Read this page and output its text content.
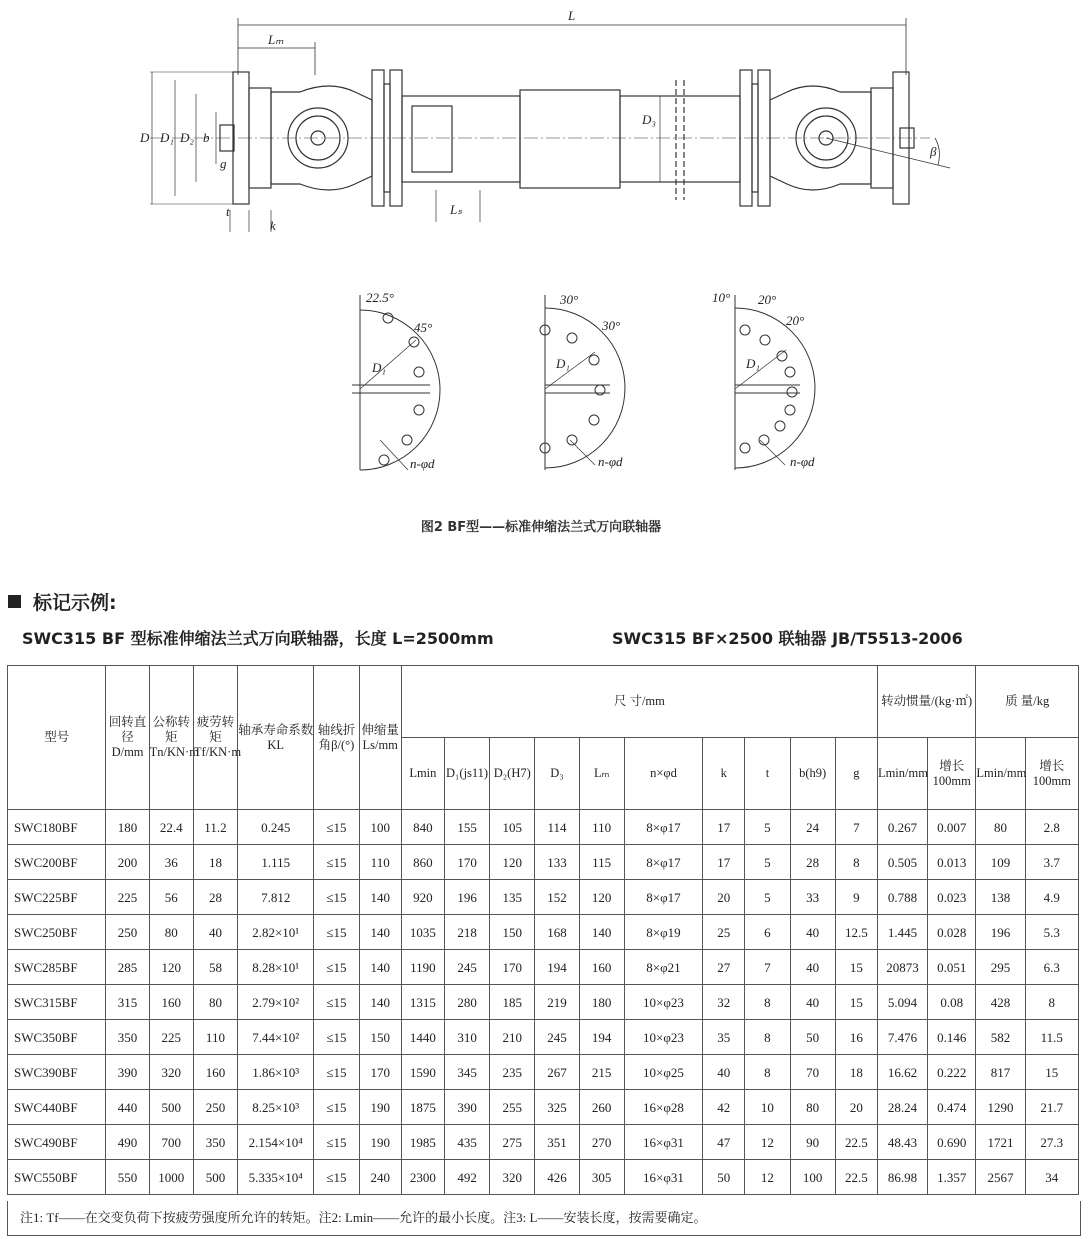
L
Lₘ
D D₁ D₂ b
g
t
k
Lₛ
D₃
β
22.5°
45°
D₁
n-φd
30°
30°
D₁
n-φd
10° 20°
20°
D₁
n-φd
图2 BF型——标准伸缩法兰式万向联轴器
标记示例:
SWC315 BF 型标准伸缩法兰式万向联轴器，长度 L=2500mm	SWC315 BF×2500 联轴器 JB/T5513-2006
型号	回转直径D/mm	公称转矩Tn/KN·m	疲劳转矩Tf/KN·m	轴承寿命系数KL	轴线折角β/(°)	伸缩量Ls/mm	尺 寸/mm										转动惯量/(kg·㎡)		质 量/kg	
							Lmin	D₁(js11)	D₂(H7)	D₃	Lₘ	n×φd	k	t	b(h9)	g	Lmin/mm	增长100mm	Lmin/mm	增长100mm
SWC180BF	180	22.4	11.2	0.245	≤15	100	840	155	105	114	110	8×φ17	17	5	24	7	0.267	0.007	80	2.8
SWC200BF	200	36	18	1.115	≤15	110	860	170	120	133	115	8×φ17	17	5	28	8	0.505	0.013	109	3.7
SWC225BF	225	56	28	7.812	≤15	140	920	196	135	152	120	8×φ17	20	5	33	9	0.788	0.023	138	4.9
SWC250BF	250	80	40	2.82×10¹	≤15	140	1035	218	150	168	140	8×φ19	25	6	40	12.5	1.445	0.028	196	5.3
SWC285BF	285	120	58	8.28×10¹	≤15	140	1190	245	170	194	160	8×φ21	27	7	40	15	20873	0.051	295	6.3
SWC315BF	315	160	80	2.79×10²	≤15	140	1315	280	185	219	180	10×φ23	32	8	40	15	5.094	0.08	428	8
SWC350BF	350	225	110	7.44×10²	≤15	150	1440	310	210	245	194	10×φ23	35	8	50	16	7.476	0.146	582	11.5
SWC390BF	390	320	160	1.86×10³	≤15	170	1590	345	235	267	215	10×φ25	40	8	70	18	16.62	0.222	817	15
SWC440BF	440	500	250	8.25×10³	≤15	190	1875	390	255	325	260	16×φ28	42	10	80	20	28.24	0.474	1290	21.7
SWC490BF	490	700	350	2.154×10⁴	≤15	190	1985	435	275	351	270	16×φ31	47	12	90	22.5	48.43	0.690	1721	27.3
SWC550BF	550	1000	500	5.335×10⁴	≤15	240	2300	492	320	426	305	16×φ31	50	12	100	22.5	86.98	1.357	2567	34
注1: Tf——在交变负荷下按疲劳强度所允许的转矩。注2: Lmin——允许的最小长度。注3: L——安装长度，按需要确定。
